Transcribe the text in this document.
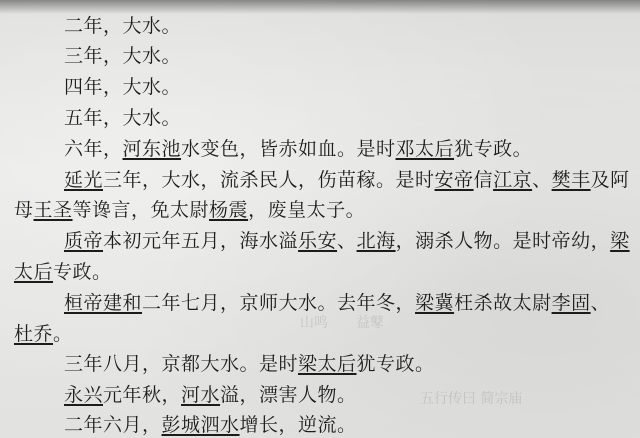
山鸣　　益鼕
五行传曰 简宗庙
二年，大水。
三年，大水。
四年，大水。
五年，大水。
六年，河东池水变色，皆赤如血。是时邓太后犹专政。
延光三年，大水，流杀民人，伤苗稼。是时安帝信江京、樊丰及阿
母王圣等谗言，免太尉杨震，废皇太子。
质帝本初元年五月，海水溢乐安、北海，溺杀人物。是时帝幼，梁
太后专政。
桓帝建和二年七月，京师大水。去年冬，梁冀枉杀故太尉李固、
杜乔。
三年八月，京都大水。是时梁太后犹专政。
永兴元年秋，河水溢，漂害人物。
二年六月，彭城泗水增长，逆流。
